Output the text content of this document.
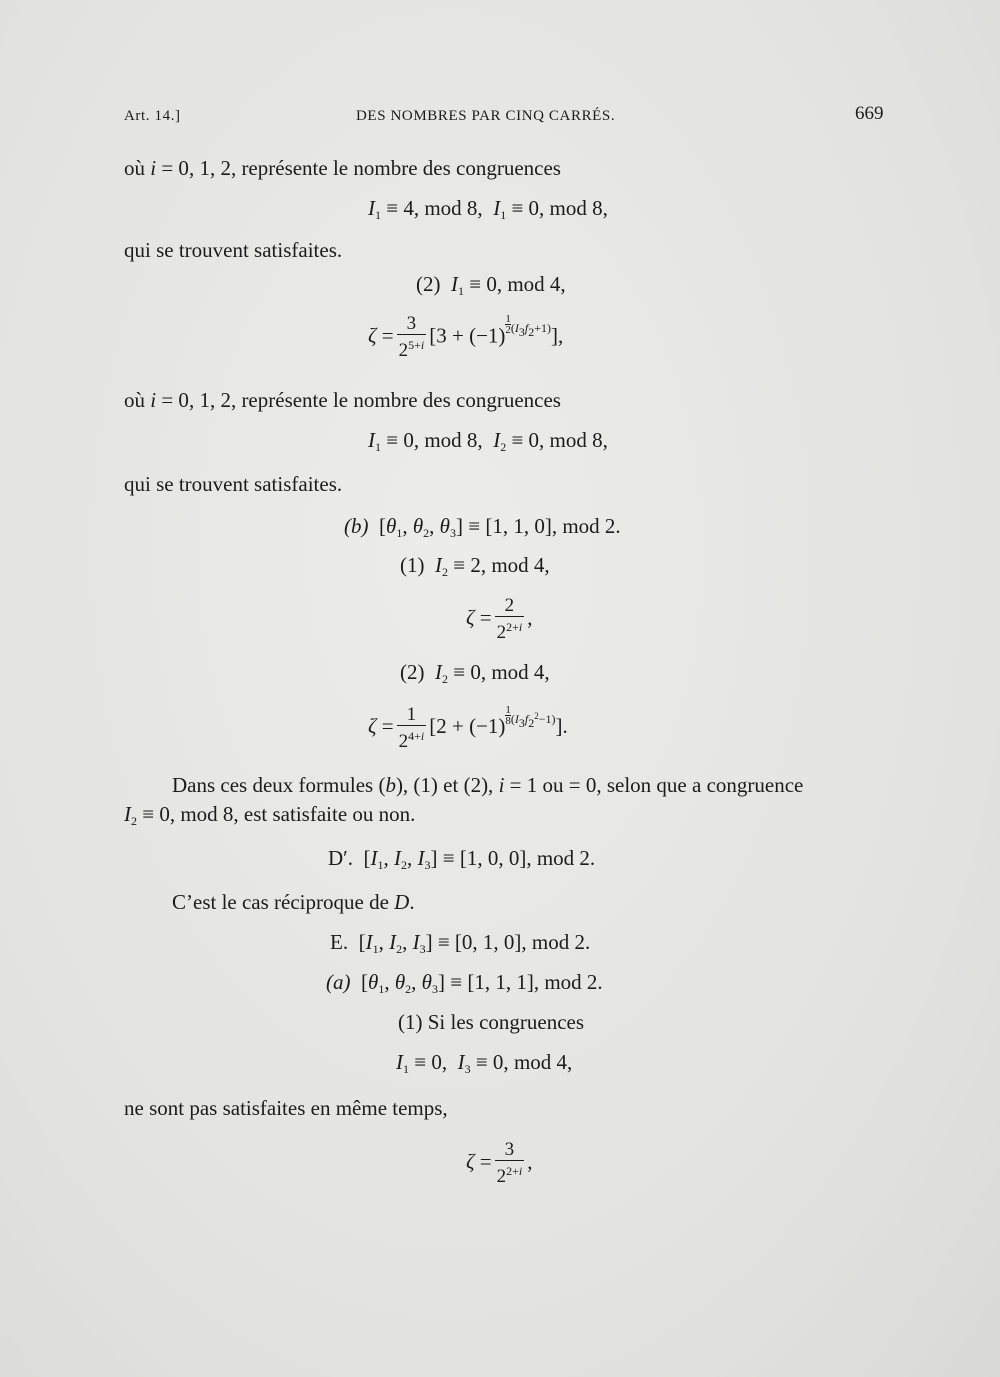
Art. 14.]	DES NOMBRES PAR CINQ CARRÉS.	669
où i = 0, 1, 2, représente le nombre des congruences
$I_1 \equiv 4$, mod 8, $I_1 \equiv 0$, mod 8,
qui se trouvent satisfaites.
(2) $I_1 \equiv 0$, mod 4,
$\zeta = \frac{3}{2^{5+i}} [3 + (-1) \frac{1}{2} ^{(I_3f_2+1)}]$,
où i = 0, 1, 2, représente le nombre des congruences
$I_1 \equiv 0$, mod 8, $I_2 \equiv 0$, mod 8,
qui se trouvent satisfaites.
(b) [$\theta_1$, $\theta_2$, $\theta_3] \equiv [1$, 1, 0], mod 2.
(1) $I_2 \equiv 2$, mod 4,
$\zeta = \frac{2}{2^{2+i}}$ ,
(2) $I_2 \equiv 0$, mod 4,
$\zeta = \frac{1}{2^{4+i}} [2 + (-1) \frac{1}{8} ^{(I_3f_2^2-1)}]$.
Dans ces deux formules (b), (1) et (2), i = 1 ou = 0, selon que a congruence
$I_2 \equiv 0$, mod 8, est satisfaite ou non.
D′. [$I_1$, $I_2$, $I_3] \equiv [1$, 0, 0], mod 2.
C’est le cas réciproque de D.
E. [$I_1$, $I_2$, $I_3] \equiv [0$, 1, 0], mod 2.
(a) [$\theta_1$, $\theta_2$, $\theta_3] \equiv [1$, 1, 1], mod 2.
(1) Si les congruences
$I_1 \equiv 0$,  $I_3 \equiv 0$, mod 4,
ne sont pas satisfaites en même temps,
$\zeta = \frac{3}{2^{2+i}}$ ,
